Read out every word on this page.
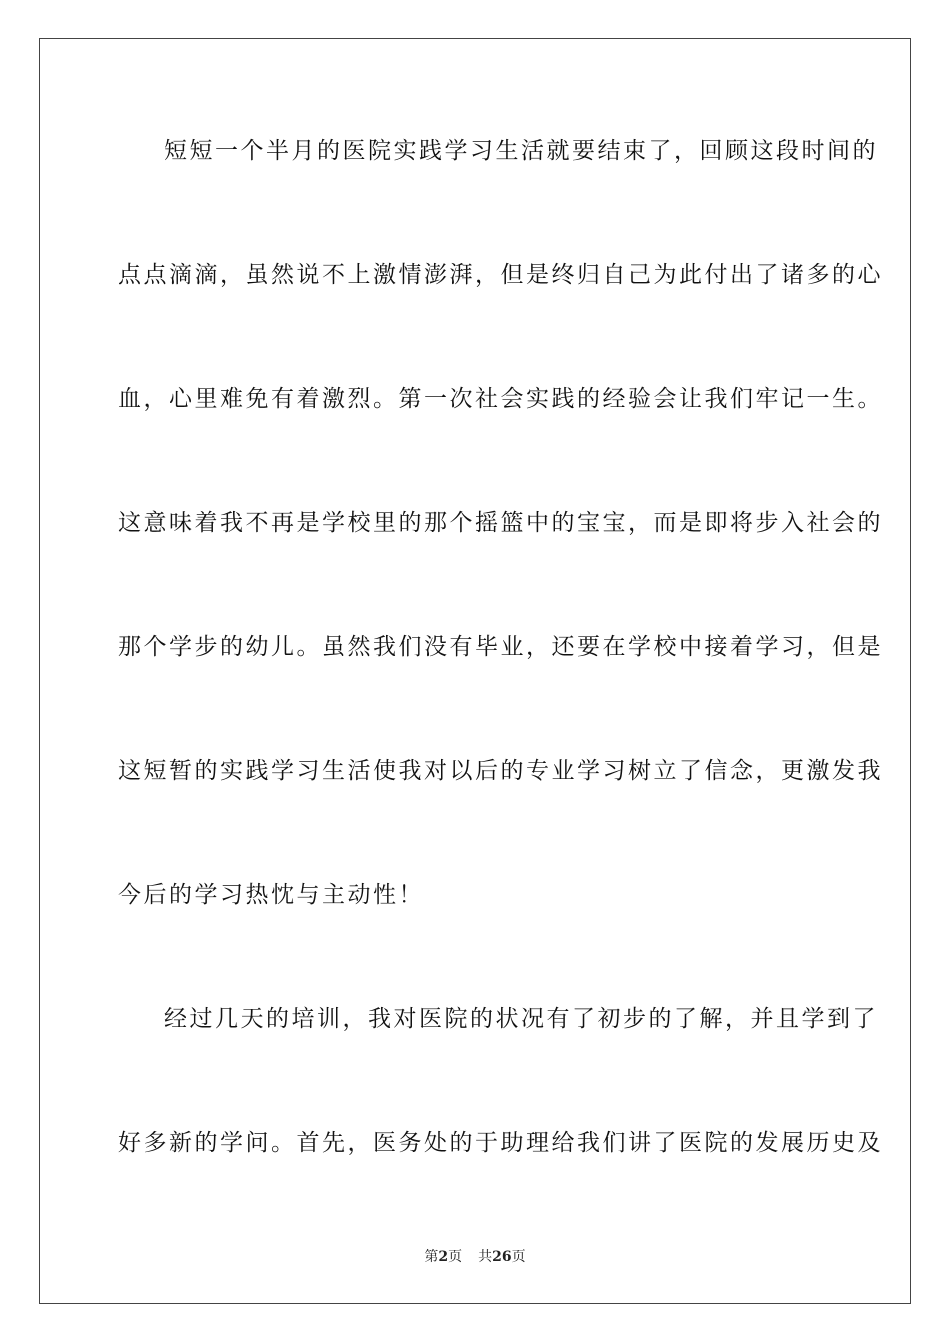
短短一个半月的医院实践学习生活就要结束了，回顾这段时间的
点点滴滴，虽然说不上激情澎湃，但是终归自己为此付出了诸多的心
血，心里难免有着激烈。第一次社会实践的经验会让我们牢记一生。
这意味着我不再是学校里的那个摇篮中的宝宝，而是即将步入社会的
那个学步的幼儿。虽然我们没有毕业，还要在学校中接着学习，但是
这短暂的实践学习生活使我对以后的专业学习树立了信念，更激发我
今后的学习热忱与主动性！
经过几天的培训，我对医院的状况有了初步的了解，并且学到了
好多新的学问。首先，医务处的于助理给我们讲了医院的发展历史及
第2页 共26页
